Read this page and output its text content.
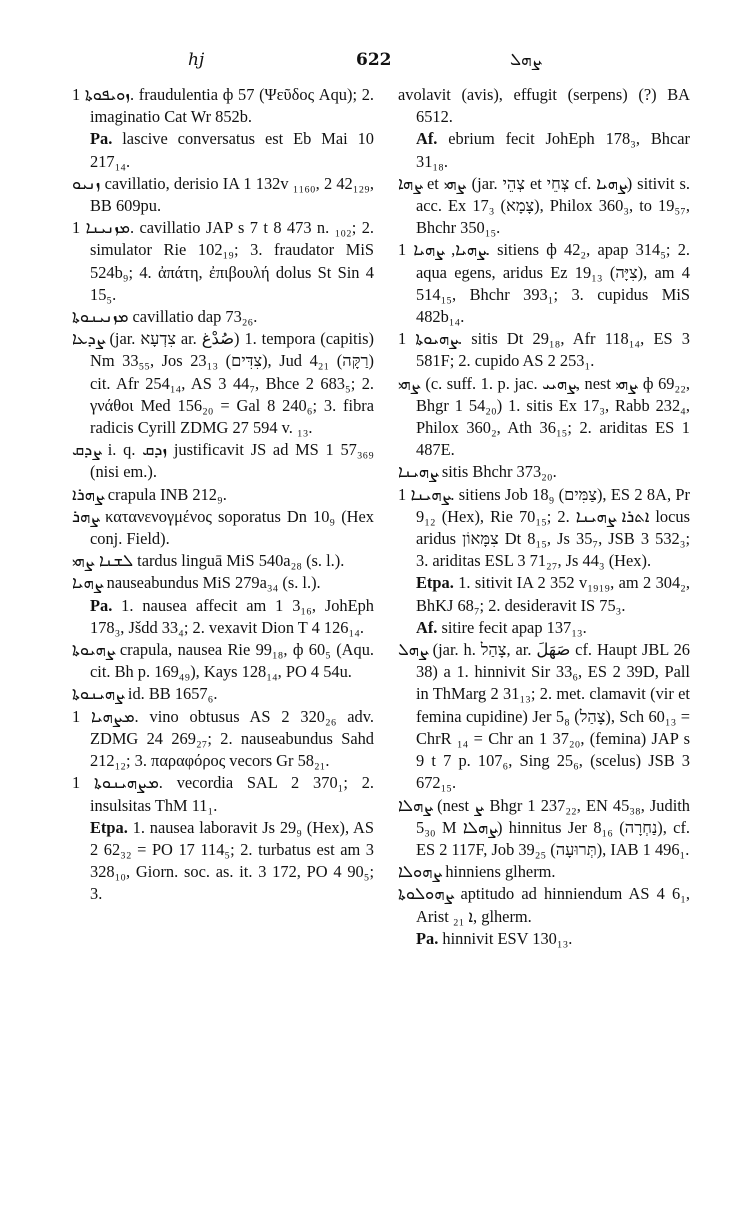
hj	622	ܨܗܠ

ܙܘܝܦܘܬܐ 1. fraudulentia ф 57 (Ψεῦδος Aqu); 2. imaginatio Cat Wr 852b.

Pa. lascive conversatus est Eb Mai 10 217₁₄.

ܙܢܝܘ cavillatio, derisio IA 1 132v ₁₁₆₀, 2 42₁₂₉, BB 609pu.

ܡܙܢܝܢܐ 1. cavillatio JAP s 7 t 8 473 n. ₁₀₂; 2. simulator Rie 102₁₉; 3. fraudator MiS 524b₉; 4. ἀπάτη, ἐπιβουλή dolus St Sin 4 15₅.

ܡܙܢܝܢܘܬܐ cavillatio dap 73₂₆.

ܨܕܥܐ (jar. צִדְעָא ar. صُدْغ) 1. tempora (capitis) Nm 33₅₅, Jos 23₁₃ (צִדִּים), Jud 4₂₁ (רַקָּה) cit. Afr 254₁₄, AS 3 44₇, Bhce 2 683₅; 2. γνάθοι Med 156₂₀ = Gal 8 240₆; 3. fibra radicis Cyrill ZDMG 27 594 v. ₁₃.

ܨܕܩ i. q. ܙܕܩ justificavit JS ad MS 1 57₃₆₉ (nisi em.).

ܨܗܪܐ crapula INB 212₉.

ܨܗܪ κατανενογμένος soporatus Dn 10₉ (Hex conj. Field).

ܠܫܢܐ ܨܗܝ tardus linguā MiS 540a₂₈ (s. l.).

ܨܗܝܐ nauseabundus MiS 279a₃₄ (s. l.).

Pa. 1. nausea affecit am 1 3₁₆, JohEph 178₃, Jšdd 33₄; 2. vexavit Dion T 4 126₁₄.

ܨܗܝܘܬܐ crapula, nausea Rie 99₁₈, ф 60₅ (Aqu. cit. Bh p. 169₄₉), Kays 128₁₄, PO 4 54u.

ܨܗܝܢܘܬܐ id. BB 1657₆.

ܡܨܗܝܐ 1. vino obtusus AS 2 320₂₆ adv. ZDMG 24 269₂₇; 2. nauseabundus Sahd 212₁₂; 3. παραφόρος vecors Gr 58₂₁.

ܡܨܗܝܢܘܬܐ 1. vecordia SAL 2 370₁; 2. insulsitas ThM 11₁.

Etpa. 1. nausea laboravit Js 29₉ (Hex), AS 2 62₃₂ = PO 17 114₅; 2. turbatus est am 3 328₁₀, Giorn. soc. as. it. 3 172, PO 4 90₅; 3.

avolavit (avis), effugit (serpens) (?) BA 6512.

Af. ebrium fecit JohEph 178₃, Bhcar 31₁₈.

ܨܗܐ et ܨܗܝ (jar. צְהֵי et צְחֵי cf. ܨܗܝܐ) sitivit s. acc. Ex 17₃ (צָמָא), Philox 360₃, to 19₅₇, Bhchr 350₁₅.

ܨܗܝܐ, ܨܗܝܐ 1. sitiens ф 42₂, apap 314₅; 2. aqua egens, aridus Ez 19₁₃ (צִיָּה), am 4 514₁₅, Bhchr 393₁; 3. cupidus MiS 482b₁₄.

ܨܗܝܘܬܐ 1. sitis Dt 29₁₈, Afr 118₁₄, ES 3 581F; 2. cupido AS 2 253₁.

ܨܗܝ (c. suff. 1. p. jac. ܨܗܝܝ, nest ܨܗܝ ф 69₂₂, Bhgr 1 54₂₀) 1. sitis Ex 17₃, Rabb 232₄, Philox 360₂, Ath 36₁₅; 2. ariditas ES 1 487E.

ܨܗܝܢܐ sitis Bhchr 373₂₀.

ܨܗܝܢܐ 1. sitiens Job 18₉ (צַמִּים), ES 2 8A, Pr 9₁₂ (Hex), Rie 70₁₅; 2. ܐܬܪܐ ܨܗܝܢܐ locus aridus צִמָּאוֹן Dt 8₁₅, Js 35₇, JSB 3 532₃; 3. ariditas ESL 3 71₂₇, Js 44₃ (Hex).

Etpa. 1. sitivit IA 2 352 v₁₉₁₉, am 2 304₂, BhKJ 68₇; 2. desideravit IS 75₃.

Af. sitire fecit apap 137₁₃.

ܨܗܠ (jar. h. צָהַל, ar. صَهَلَ cf. Haupt JBL 26 38) a 1. hinnivit Sir 33₆, ES 2 39D, Pall in ThMarg 2 31₁₃; 2. met. clamavit (vir et femina cupidine) Jer 5₈ (צָהַל), Sch 60₁₃ = ChrR ₁₄ = Chr an 1 37₂₀, (femina) JAP s 9 t 7 p. 107₆, Sing 25₆, (scelus) JSB 3 672₁₅.

ܨܗܠܐ (nest ܨ Bhgr 1 237₂₂, EN 45₃₈, Judith 5₃₀ M ܨܗܠܐ) hinnitus Jer 8₁₆ (נַחְרָה), cf. ES 2 117F, Job 39₂₅ (תְּרוּעָה), IAB 1 496₁.

ܨܗܘܠܐ hinniens glherm.

ܨܗܘܠܘܬܐ aptitudo ad hinniendum AS 4 6₁, Arist ܐ ₂₁, glherm.

Pa. hinnivit ESV 130₁₃.
